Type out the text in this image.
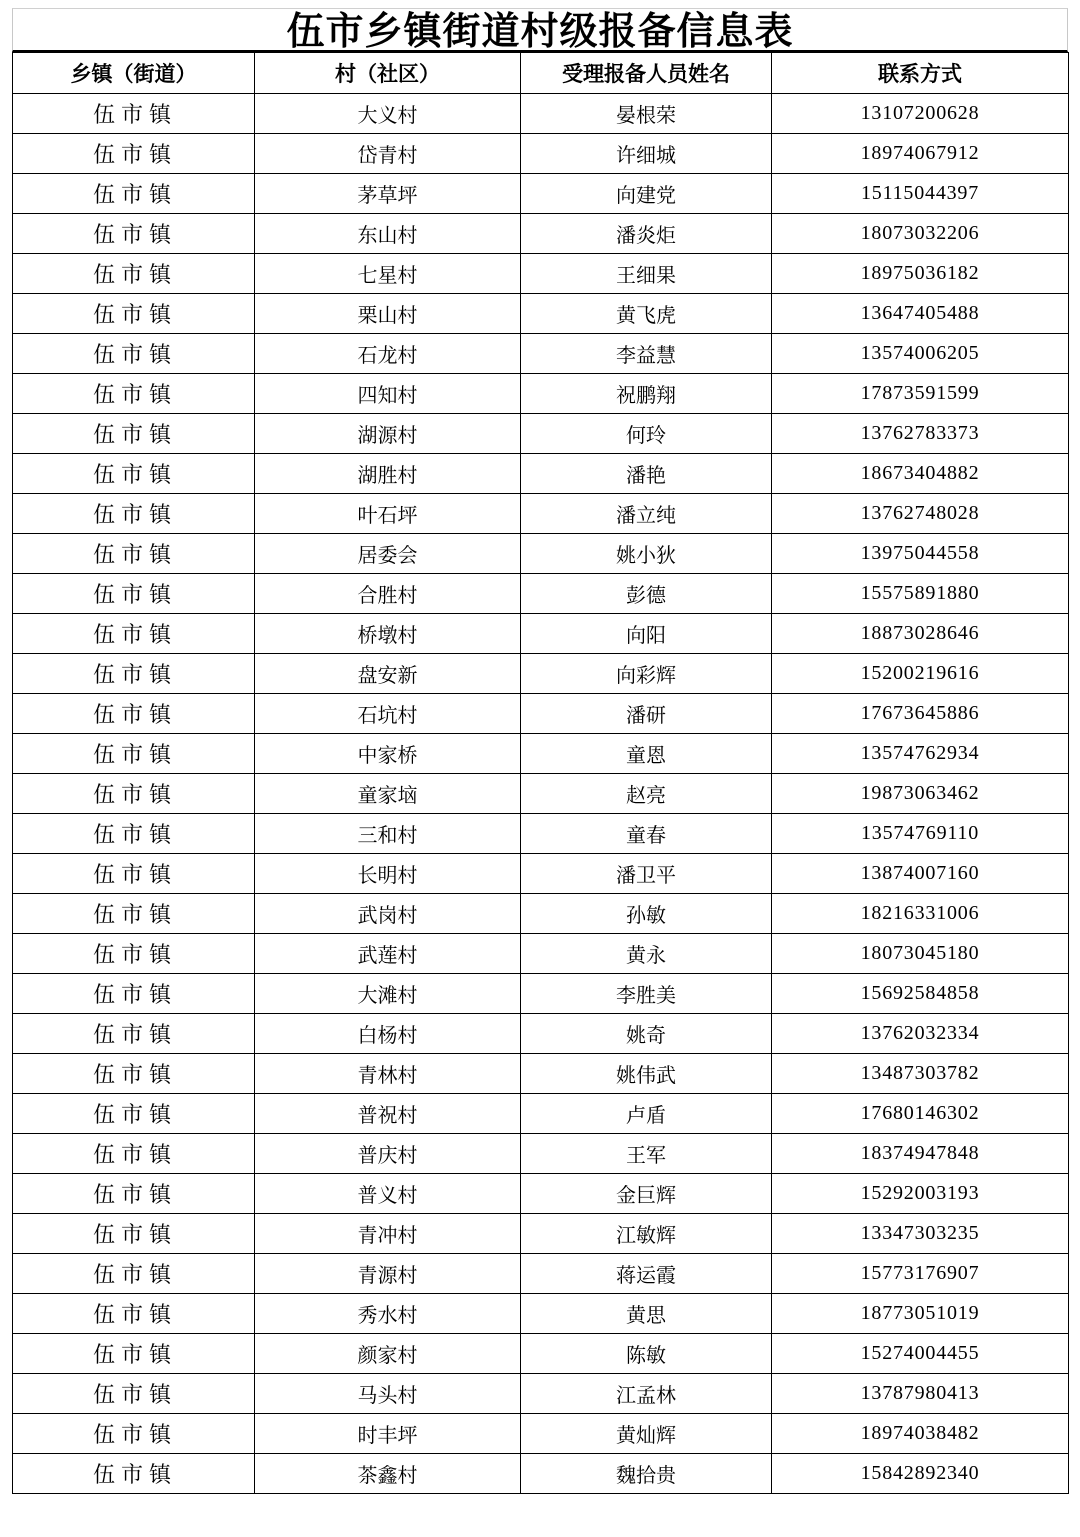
伍市乡镇街道村级报备信息表
乡镇（街道）	村（社区）	受理报备人员姓名	联系方式
伍市镇	大义村	晏根荣	13107200628
伍市镇	岱青村	许细城	18974067912
伍市镇	茅草坪	向建党	15115044397
伍市镇	东山村	潘炎炬	18073032206
伍市镇	七星村	王细果	18975036182
伍市镇	栗山村	黄飞虎	13647405488
伍市镇	石龙村	李益慧	13574006205
伍市镇	四知村	祝鹏翔	17873591599
伍市镇	湖源村	何玲	13762783373
伍市镇	湖胜村	潘艳	18673404882
伍市镇	叶石坪	潘立纯	13762748028
伍市镇	居委会	姚小狄	13975044558
伍市镇	合胜村	彭德	15575891880
伍市镇	桥墩村	向阳	18873028646
伍市镇	盘安新	向彩辉	15200219616
伍市镇	石坑村	潘研	17673645886
伍市镇	中家桥	童恩	13574762934
伍市镇	童家垴	赵亮	19873063462
伍市镇	三和村	童春	13574769110
伍市镇	长明村	潘卫平	13874007160
伍市镇	武岗村	孙敏	18216331006
伍市镇	武莲村	黄永	18073045180
伍市镇	大滩村	李胜美	15692584858
伍市镇	白杨村	姚奇	13762032334
伍市镇	青林村	姚伟武	13487303782
伍市镇	普祝村	卢盾	17680146302
伍市镇	普庆村	王军	18374947848
伍市镇	普义村	金巨辉	15292003193
伍市镇	青冲村	江敏辉	13347303235
伍市镇	青源村	蒋运霞	15773176907
伍市镇	秀水村	黄思	18773051019
伍市镇	颜家村	陈敏	15274004455
伍市镇	马头村	江孟林	13787980413
伍市镇	时丰坪	黄灿辉	18974038482
伍市镇	茶鑫村	魏拾贵	15842892340
